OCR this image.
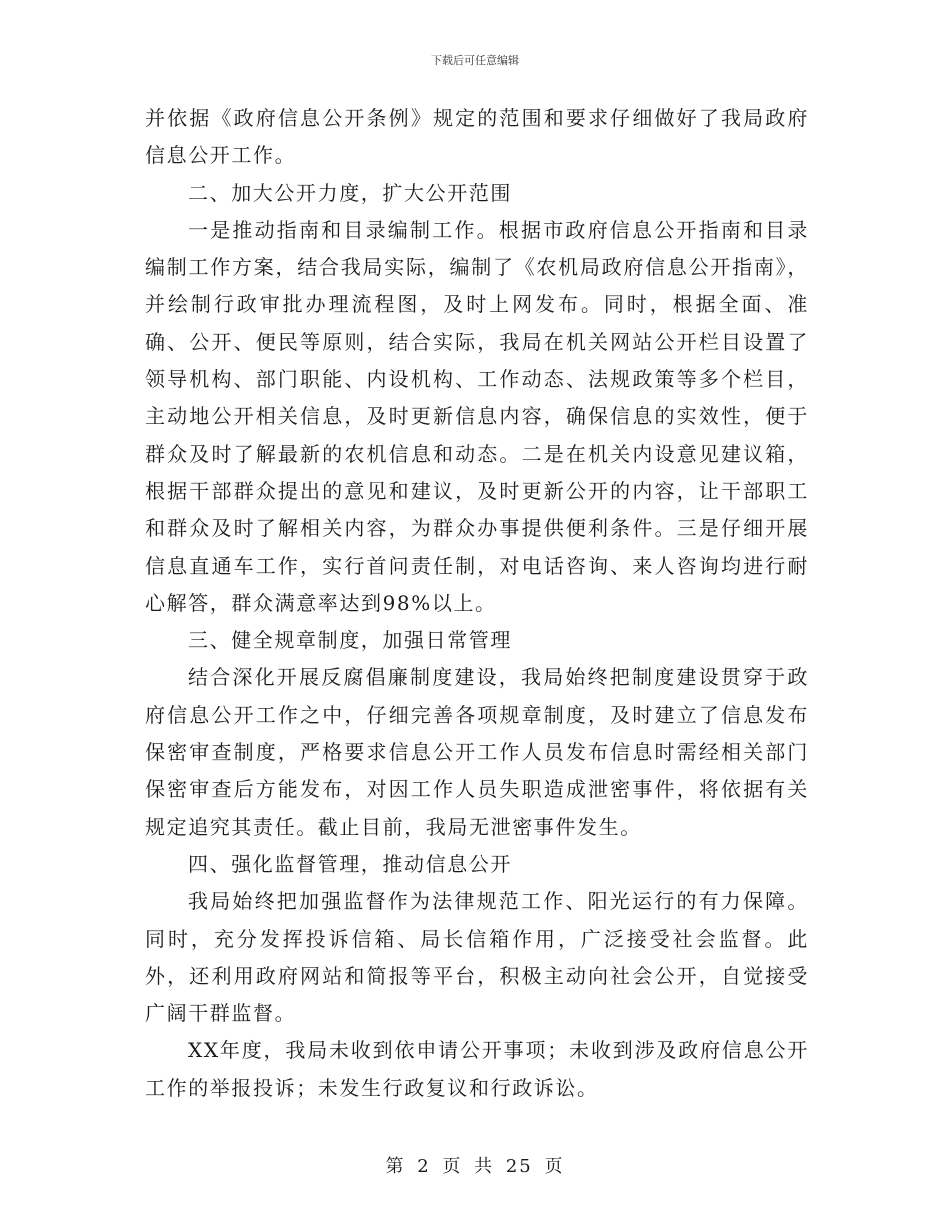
下载后可任意编辑

并依据《政府信息公开条例》规定的范围和要求仔细做好了我局政府信息公开工作。

二、加大公开力度，扩大公开范围

一是推动指南和目录编制工作。根据市政府信息公开指南和目录编制工作方案，结合我局实际，编制了《农机局政府信息公开指南》，并绘制行政审批办理流程图，及时上网发布。同时，根据全面、准确、公开、便民等原则，结合实际，我局在机关网站公开栏目设置了领导机构、部门职能、内设机构、工作动态、法规政策等多个栏目，主动地公开相关信息，及时更新信息内容，确保信息的实效性，便于群众及时了解最新的农机信息和动态。二是在机关内设意见建议箱，根据干部群众提出的意见和建议，及时更新公开的内容，让干部职工和群众及时了解相关内容，为群众办事提供便利条件。三是仔细开展信息直通车工作，实行首问责任制，对电话咨询、来人咨询均进行耐心解答，群众满意率达到98%以上。

三、健全规章制度，加强日常管理

结合深化开展反腐倡廉制度建设，我局始终把制度建设贯穿于政府信息公开工作之中，仔细完善各项规章制度，及时建立了信息发布保密审查制度，严格要求信息公开工作人员发布信息时需经相关部门保密审查后方能发布，对因工作人员失职造成泄密事件，将依据有关规定追究其责任。截止目前，我局无泄密事件发生。

四、强化监督管理，推动信息公开

我局始终把加强监督作为法律规范工作、阳光运行的有力保障。同时，充分发挥投诉信箱、局长信箱作用，广泛接受社会监督。此外，还利用政府网站和简报等平台，积极主动向社会公开，自觉接受广阔干群监督。

XX年度，我局未收到依申请公开事项；未收到涉及政府信息公开工作的举报投诉；未发生行政复议和行政诉讼。

第 2 页 共 25 页
